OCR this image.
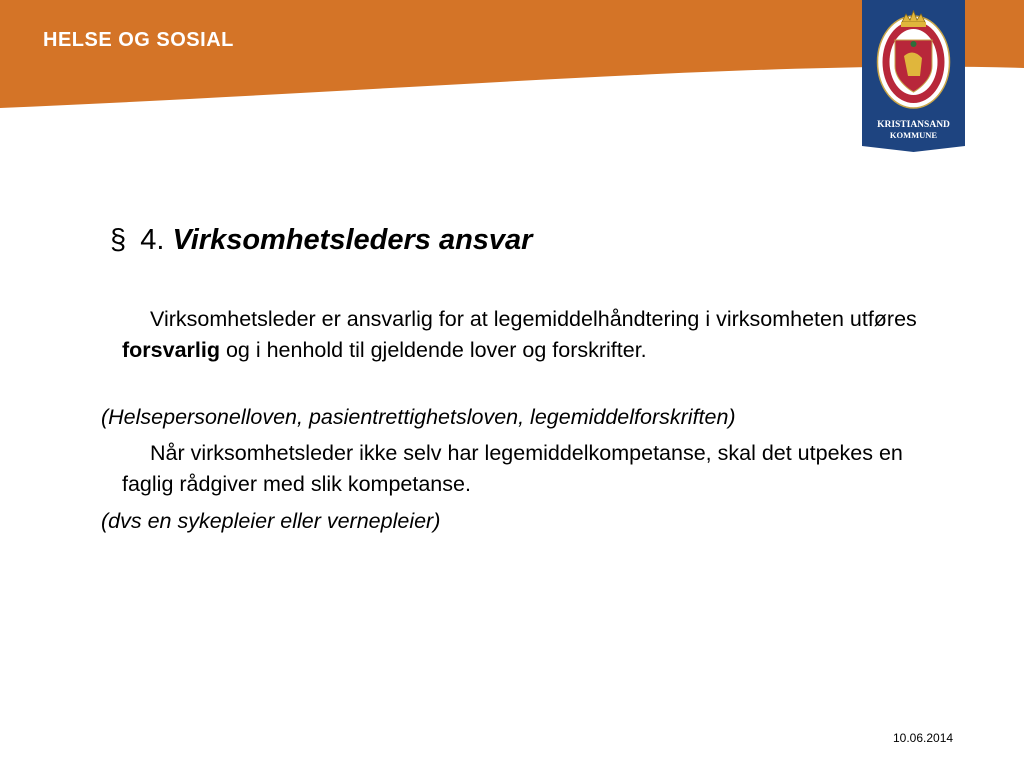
HELSE OG SOSIAL
KRISTIANSAND
KOMMUNE
§ 4. Virksomhetsleders ansvar
Virksomhetsleder er ansvarlig for at legemiddelhåndtering i virksomheten utføres forsvarlig og i henhold til gjeldende lover og forskrifter.
(Helsepersonelloven, pasientrettighetsloven, legemiddelforskriften)
Når virksomhetsleder ikke selv har legemiddelkompetanse, skal det utpekes en faglig rådgiver med slik kompetanse.
(dvs en sykepleier eller vernepleier)
10.06.2014
